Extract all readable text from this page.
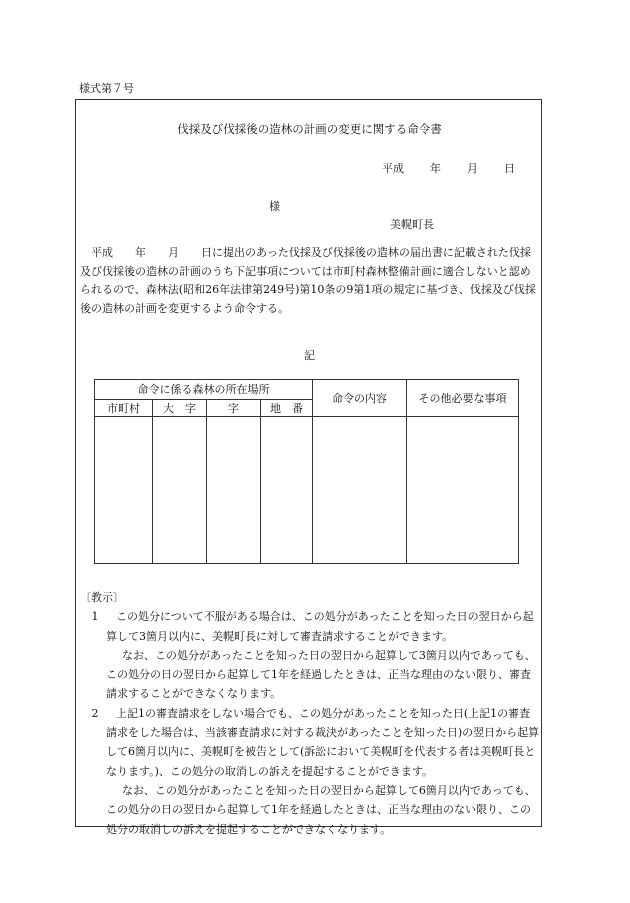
様式第７号
伐採及び伐採後の造林の計画の変更に関する命令書
平成 年 月 日
様
美幌町長
　平成　　年　　月　　日に提出のあった伐採及び伐採後の造林の届出書に記載された伐採及び伐採後の造林の計画のうち下記事項については市町村森林整備計画に適合しないと認められるので、森林法(昭和26年法律第249号)第10条の9第1項の規定に基づき、伐採及び伐採後の造林の計画を変更するよう命令する。
記
命令に係る森林の所在場所				命令の内容	その他必要な事項
市町村	大　字	字	地　番		

〔教示〕

1 この処分について不服がある場合は、この処分があったことを知った日の翌日から起算して3箇月以内に、美幌町長に対して審査請求することができます。

なお、この処分があったことを知った日の翌日から起算して3箇月以内であっても、この処分の日の翌日から起算して1年を経過したときは、正当な理由のない限り、審査請求することができなくなります。

2 上記1の審査請求をしない場合でも、この処分があったことを知った日(上記1の審査請求をした場合は、当該審査請求に対する裁決があったことを知った日)の翌日から起算して6箇月以内に、美幌町を被告として(訴訟において美幌町を代表する者は美幌町長となります。)、この処分の取消しの訴えを提起することができます。

なお、この処分があったことを知った日の翌日から起算して6箇月以内であっても、この処分の日の翌日から起算して1年を経過したときは、正当な理由のない限り、この処分の取消しの訴えを提起することができなくなります。
